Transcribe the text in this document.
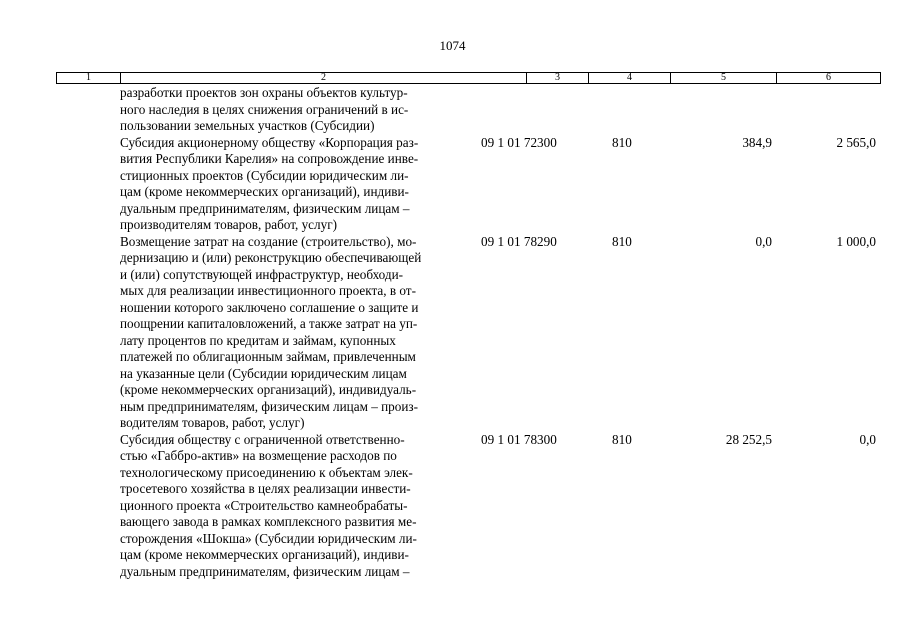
1074
1	2	3	4	5	6
разработки проектов зон охраны объектов культур-
ного наследия в целях снижения ограничений в ис-
пользовании земельных участков (Субсидии)
Субсидия акционерному обществу «Корпорация раз-
вития Республики Карелия» на сопровождение инве-
стиционных проектов (Субсидии юридическим ли-
цам (кроме некоммерческих организаций), индиви-
дуальным предпринимателям, физическим лицам –
производителям товаров, работ, услуг)
09 1 01 72300	810	384,9	2 565,0
Возмещение затрат на создание (строительство), мо-
дернизацию и (или) реконструкцию обеспечивающей
и (или) сопутствующей инфраструктур, необходи-
мых для реализации инвестиционного проекта, в от-
ношении которого заключено соглашение о защите и
поощрении капиталовложений, а также затрат на уп-
лату процентов по кредитам и займам, купонных
платежей по облигационным займам, привлеченным
на указанные цели (Субсидии юридическим лицам
(кроме некоммерческих организаций), индивидуаль-
ным предпринимателям, физическим лицам – произ-
водителям товаров, работ, услуг)
09 1 01 78290	810	0,0	1 000,0
Субсидия обществу с ограниченной ответственно-
стью «Габбро-актив» на возмещение расходов по
технологическому присоединению к объектам элек-
тросетевого хозяйства в целях реализации инвести-
ционного проекта «Строительство камнеобрабаты-
вающего завода в рамках комплексного развития ме-
сторождения «Шокша» (Субсидии юридическим ли-
цам (кроме некоммерческих организаций), индиви-
дуальным предпринимателям, физическим лицам –
09 1 01 78300	810	28 252,5	0,0
